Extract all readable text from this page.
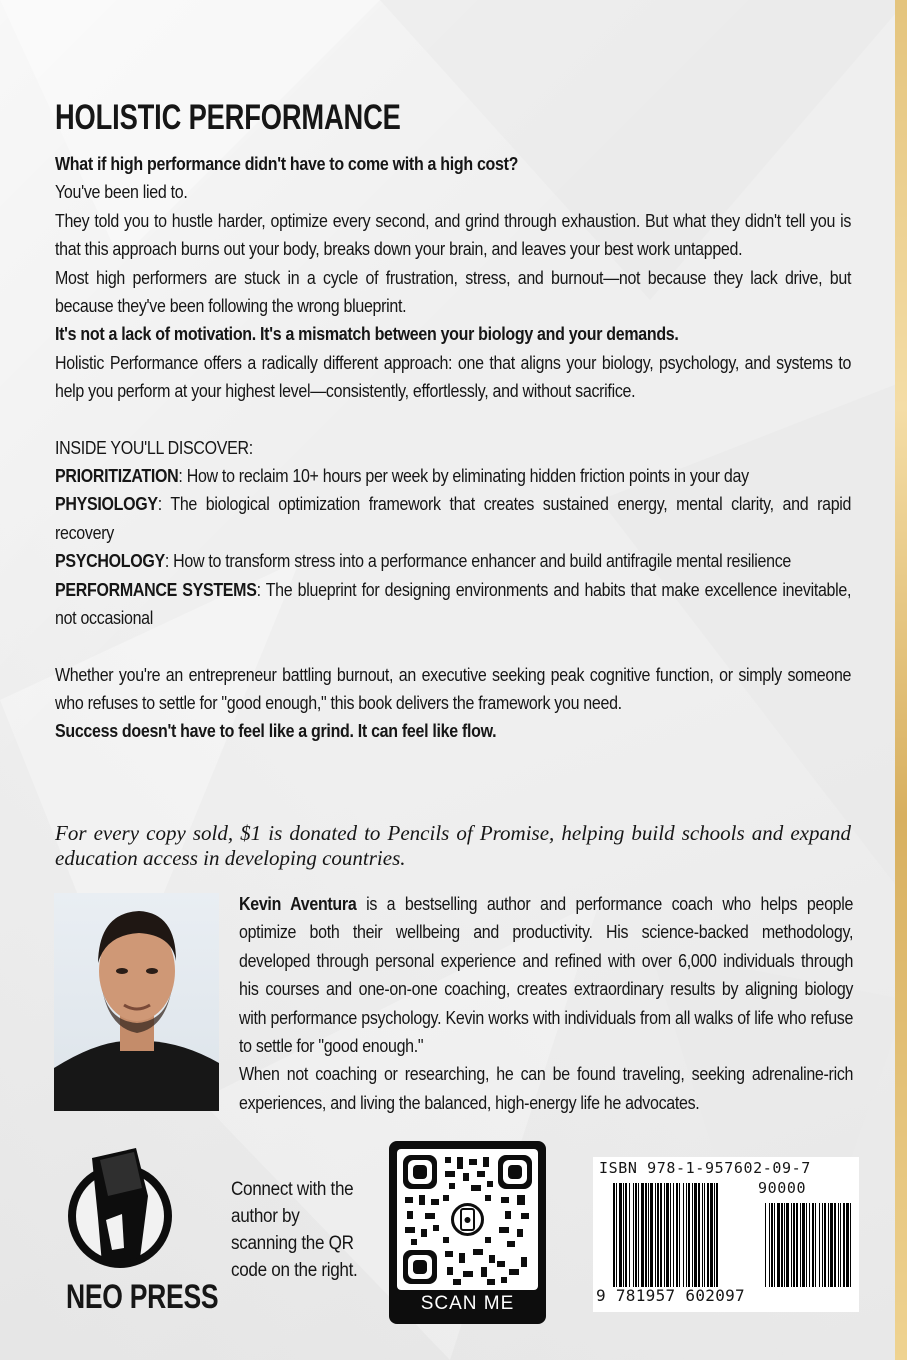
HOLISTIC PERFORMANCE

What if high performance didn't have to come with a high cost?

You've been lied to.

They told you to hustle harder, optimize every second, and grind through exhaustion. But what they didn't tell you is that this approach burns out your body, breaks down your brain, and leaves your best work untapped.

Most high performers are stuck in a cycle of frustration, stress, and burnout—not because they lack drive, but because they've been following the wrong blueprint.

It's not a lack of motivation. It's a mismatch between your biology and your demands.

Holistic Performance offers a radically different approach: one that aligns your biology, psychology, and systems to help you perform at your highest level—consistently, effortlessly, and without sacrifice.

INSIDE YOU'LL DISCOVER:

PRIORITIZATION: How to reclaim 10+ hours per week by eliminating hidden friction points in your day

PHYSIOLOGY: The biological optimization framework that creates sustained energy, mental clarity, and rapid recovery

PSYCHOLOGY: How to transform stress into a performance enhancer and build antifragile mental resilience

PERFORMANCE SYSTEMS: The blueprint for designing environments and habits that make excellence inevitable, not occasional

Whether you're an entrepreneur battling burnout, an executive seeking peak cognitive function, or simply someone who refuses to settle for "good enough," this book delivers the framework you need.

Success doesn't have to feel like a grind. It can feel like flow.

For every copy sold, $1 is donated to Pencils of Promise, helping build schools and expand education access in developing countries.

Kevin Aventura is a bestselling author and performance coach who helps people optimize both their wellbeing and productivity. His science-backed methodology, developed through personal experience and refined with over 6,000 individuals through his courses and one-on-one coaching, creates extraordinary results by aligning biology with performance psychology. Kevin works with individuals from all walks of life who refuse to settle for "good enough."

When not coaching or researching, he can be found traveling, seeking adrenaline-rich experiences, and living the balanced, high-energy life he advocates.

NEO PRESS
Connect with the author by scanning the QR code on the right.
SCAN ME
ISBN 978-1-957602-09-7
90000
9 781957 602097
